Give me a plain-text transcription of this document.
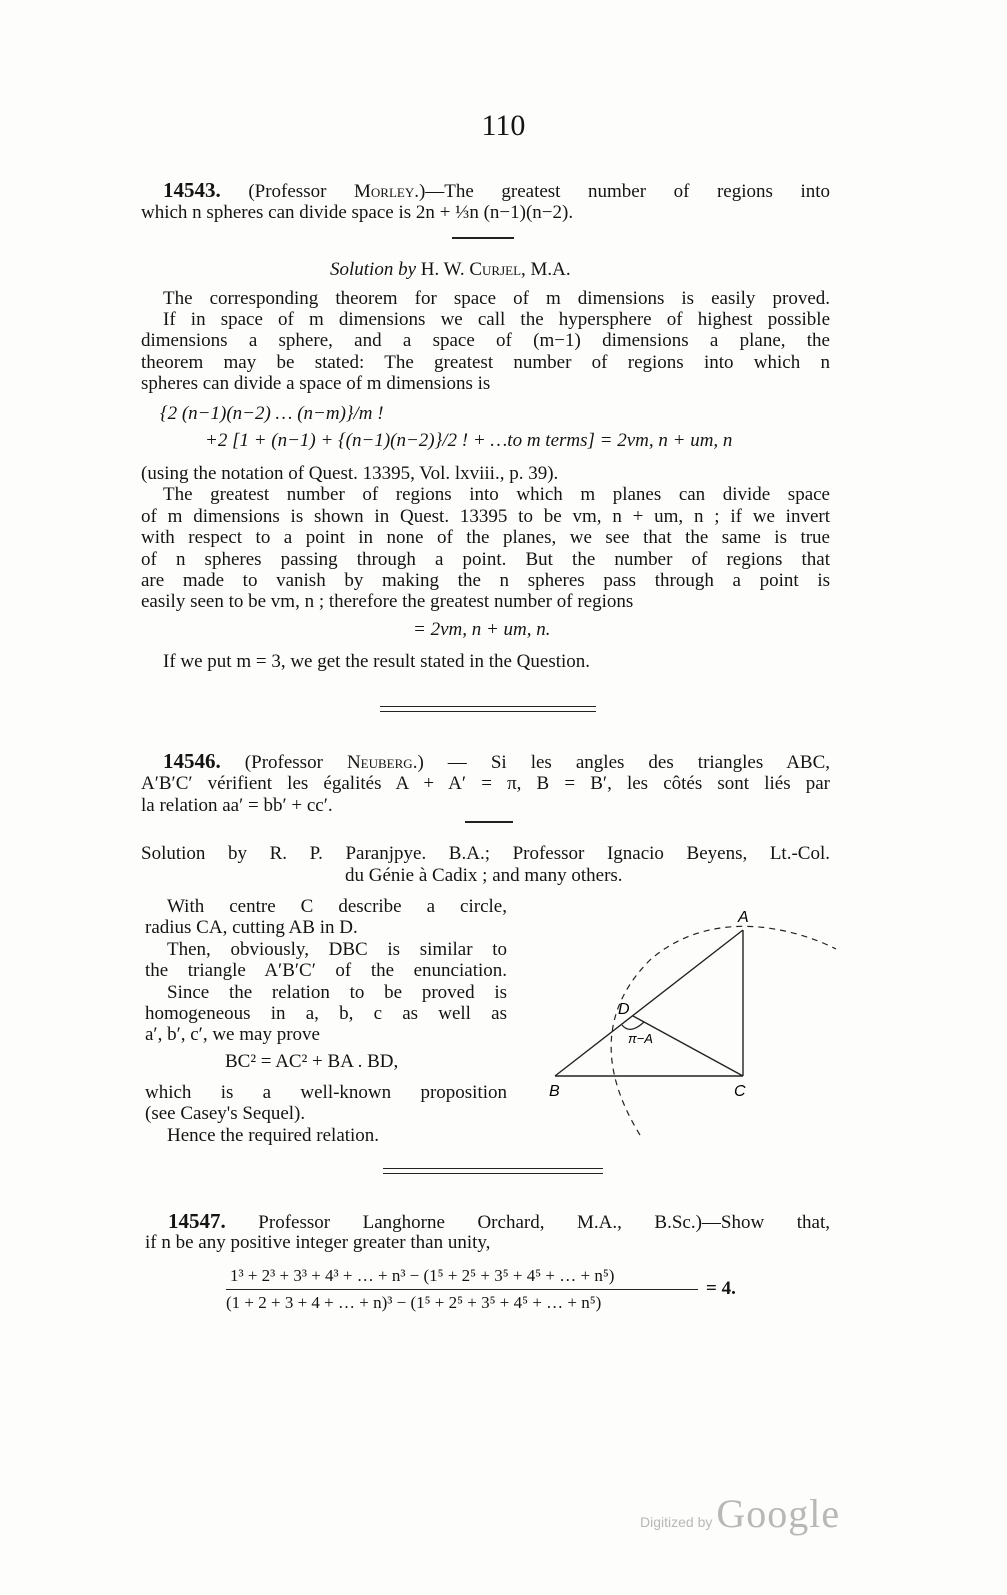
110
14543. (Professor Morley.)—The greatest number of regions into
which n spheres can divide space is 2n + ⅓n (n−1)(n−2).
Solution by H. W. Curjel, M.A.
The corresponding theorem for space of m dimensions is easily proved.
If in space of m dimensions we call the hypersphere of highest possible
dimensions a sphere, and a space of (m−1) dimensions a plane, the
theorem may be stated: The greatest number of regions into which n
spheres can divide a space of m dimensions is
{2 (n−1)(n−2) … (n−m)}/m !
+2 [1 + (n−1) + {(n−1)(n−2)}/2 ! + …to m terms] = 2vm, n + um, n
(using the notation of Quest. 13395, Vol. lxviii., p. 39).
The greatest number of regions into which m planes can divide space
of m dimensions is shown in Quest. 13395 to be vm, n + um, n ; if we invert
with respect to a point in none of the planes, we see that the same is true
of n spheres passing through a point. But the number of regions that
are made to vanish by making the n spheres pass through a point is
easily seen to be vm, n ; therefore the greatest number of regions
= 2vm, n + um, n.
If we put m = 3, we get the result stated in the Question.
14546. (Professor Neuberg.) — Si les angles des triangles ABC,
A′B′C′ vérifient les égalités A + A′ = π, B = B′, les côtés sont liés par
la relation aa′ = bb′ + cc′.
Solution by R. P. Paranjpye. B.A.; Professor Ignacio Beyens, Lt.-Col.
du Génie à Cadix ; and many others.
With centre C describe a circle,
radius CA, cutting AB in D.
Then, obviously, DBC is similar to
the triangle A′B′C′ of the enunciation.
Since the relation to be proved is
homogeneous in a, b, c as well as
a′, b′, c′, we may prove
BC² = AC² + BA . BD,
which is a well-known proposition
(see Casey's Sequel).
Hence the required relation.
A
B	C
D
π−A
14547. Professor Langhorne Orchard, M.A., B.Sc.)—Show that,
if n be any positive integer greater than unity,
1³ + 2³ + 3³ + 4³ + … + n³ − (1⁵ + 2⁵ + 3⁵ + 4⁵ + … + n⁵)
(1 + 2 + 3 + 4 + … + n)³ − (1⁵ + 2⁵ + 3⁵ + 4⁵ + … + n⁵)
= 4.
Digitized by Google
